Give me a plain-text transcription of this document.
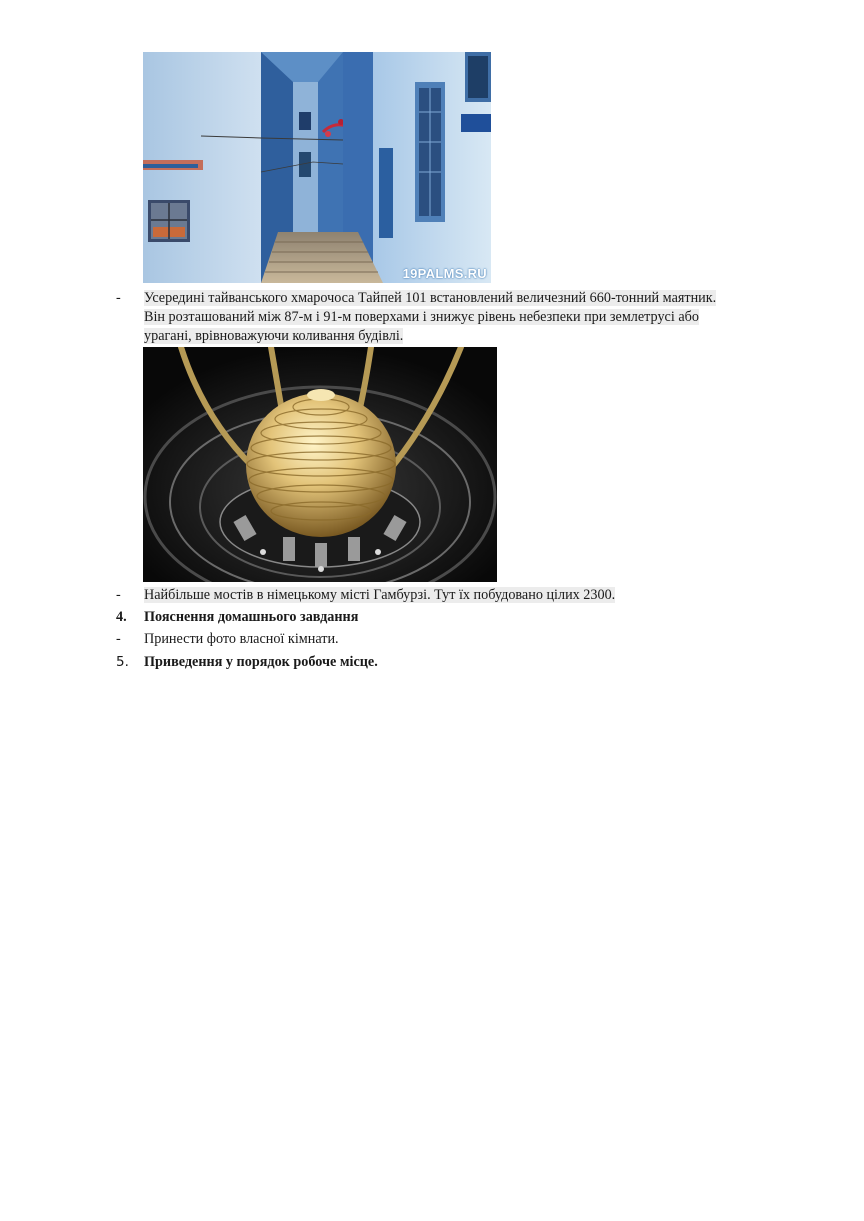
19PALMS.RU
- Усередині тайванського хмарочоса Тайпей 101 встановлений величезний 660-тонний маятник.
Він розташований між 87-м і 91-м поверхами і знижує рівень небезпеки при землетрусі або
урагані, врівноважуючи коливання будівлі.
- Найбільше мостів в німецькому місті Гамбурзі. Тут їх побудовано цілих 2300.
4. Пояснення домашнього завдання
- Принести фото власної кімнати.
5. Приведення у порядок робоче місце.
